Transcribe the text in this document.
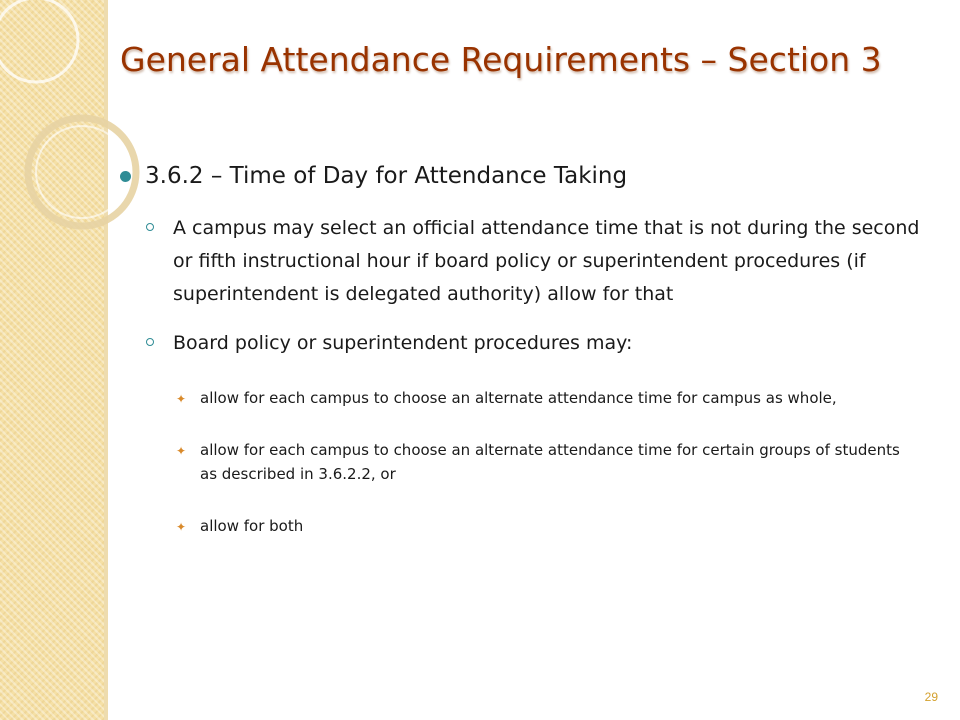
General Attendance Requirements – Section 3
3.6.2 – Time of Day for Attendance Taking
A campus may select an official attendance time that is not during the second or fifth instructional hour if board policy or superintendent procedures (if superintendent is delegated authority) allow for that
Board policy or superintendent procedures may:
✦ allow for each campus to choose an alternate attendance time for campus as whole,
✦ allow for each campus to choose an alternate attendance time for certain groups of students as described in 3.6.2.2, or
✦ allow for both
29
